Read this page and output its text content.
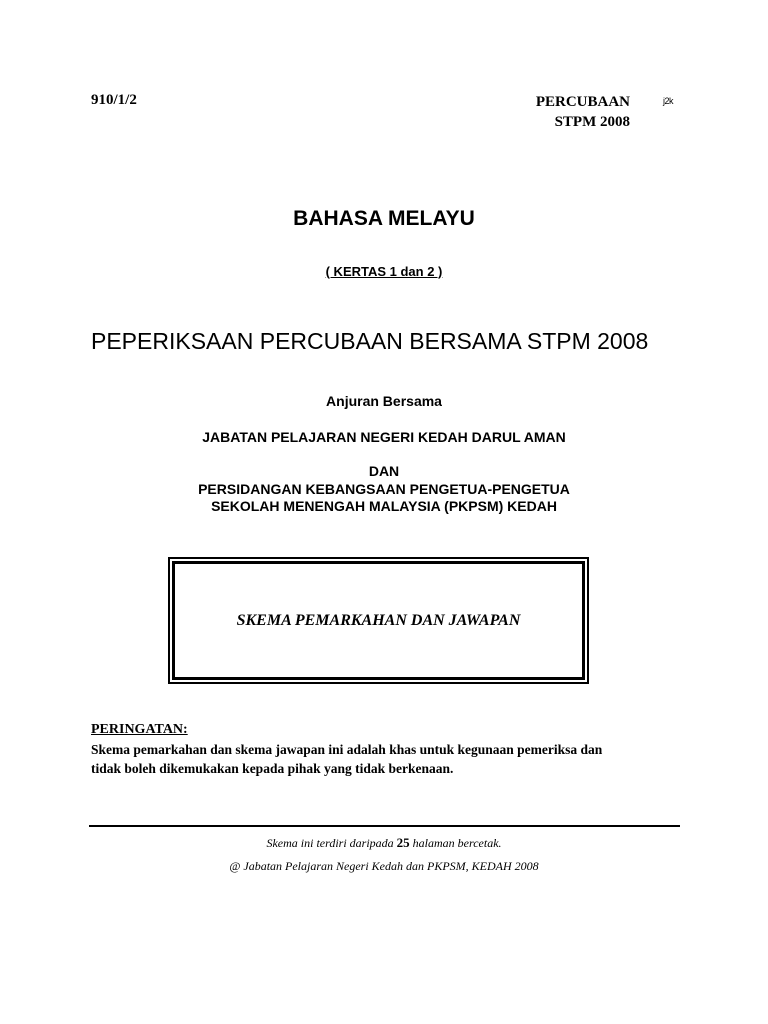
910/1/2	PERCUBAAN
STPM 2008
j2k
BAHASA MELAYU
( KERTAS 1 dan 2 )
PEPERIKSAAN PERCUBAAN BERSAMA STPM 2008
Anjuran Bersama
JABATAN PELAJARAN NEGERI KEDAH DARUL AMAN
DAN
PERSIDANGAN KEBANGSAAN PENGETUA-PENGETUA
SEKOLAH MENENGAH MALAYSIA (PKPSM) KEDAH
SKEMA PEMARKAHAN DAN JAWAPAN
PERINGATAN:
Skema pemarkahan dan skema jawapan ini adalah khas untuk kegunaan pemeriksa dan
tidak boleh dikemukakan kepada pihak yang tidak berkenaan.
Skema ini terdiri daripada 25 halaman bercetak.
@ Jabatan Pelajaran Negeri Kedah dan PKPSM, KEDAH 2008
